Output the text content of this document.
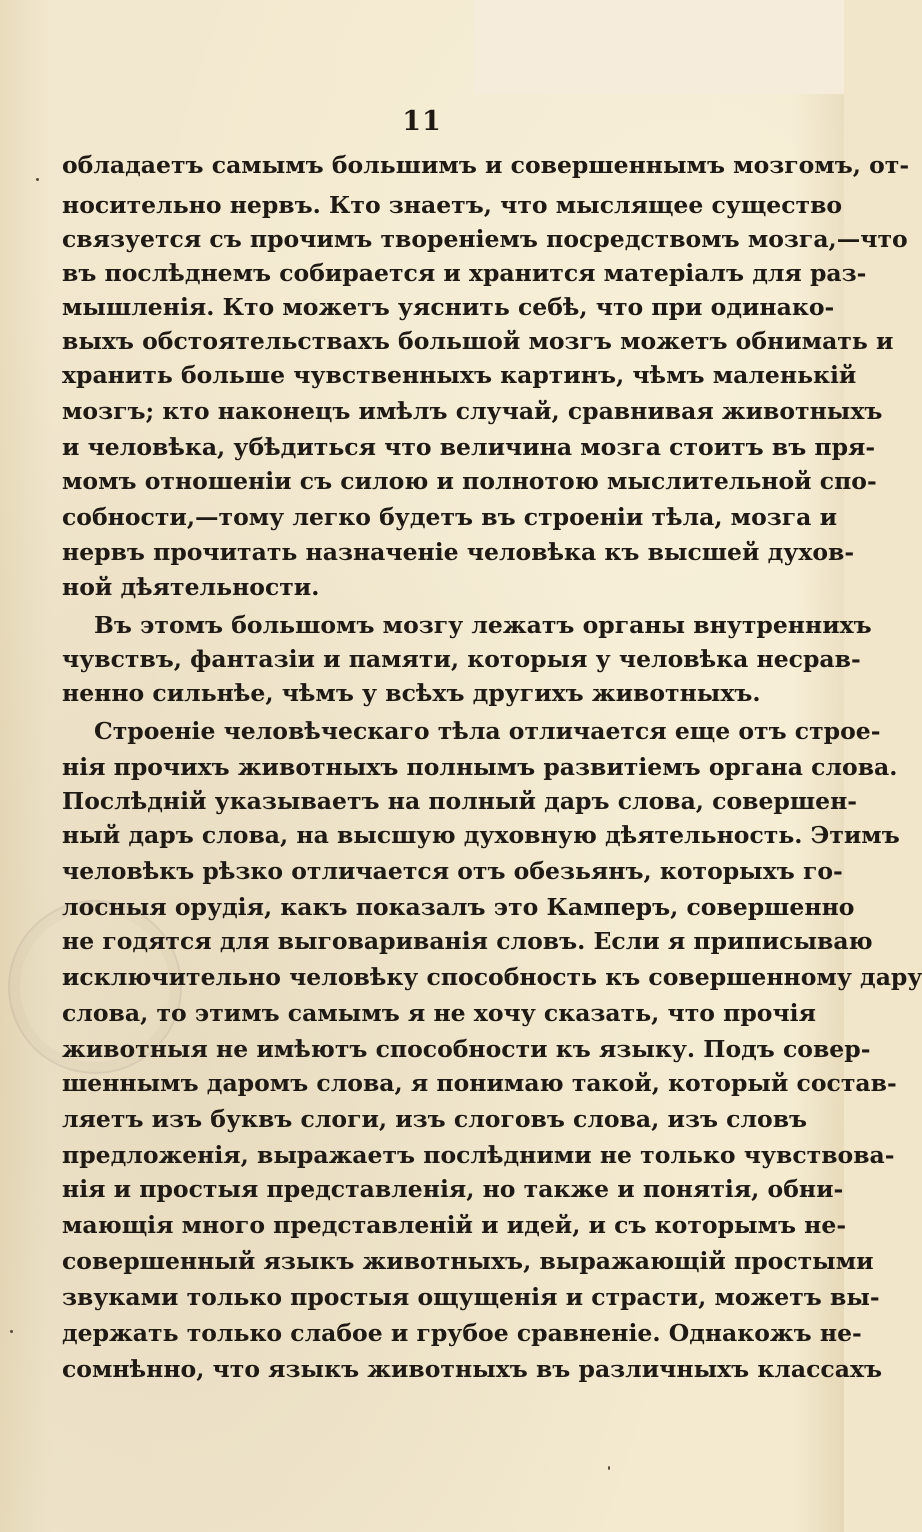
11
обладаетъ самымъ большимъ и совершеннымъ мозгомъ, от-
носительно нервъ. Кто знаетъ, что мыслящее существо
связуется съ прочимъ творенiемъ посредствомъ мозга,—что
въ послѣднемъ собирается и хранится матерiалъ для раз-
мышленiя. Кто можетъ уяснить себѣ, что при одинако-
выхъ обстоятельствахъ большой мозгъ можетъ обнимать и
хранить больше чувственныхъ картинъ, чѣмъ маленькiй
мозгъ; кто наконецъ имѣлъ случай, сравнивая животныхъ
и человѣка, убѣдиться что величина мозга стоитъ въ пря-
момъ отношенiи съ силою и полнотою мыслительной спо-
собности,—тому легко будетъ въ строенiи тѣла, мозга и
нервъ прочитать назначенiе человѣка къ высшей духов-
ной дѣятельности.
Въ этомъ большомъ мозгу лежатъ органы внутреннихъ
чувствъ, фантазiи и памяти, которыя у человѣка несрав-
ненно сильнѣе, чѣмъ у всѣхъ другихъ животныхъ.
Строенiе человѣческаго тѣла отличается еще отъ строе-
нiя прочихъ животныхъ полнымъ развитiемъ органа слова.
Послѣднiй указываетъ на полный даръ слова, совершен-
ный даръ слова, на высшую духовную дѣятельность. Этимъ
человѣкъ рѣзко отличается отъ обезьянъ, которыхъ го-
лосныя орудiя, какъ показалъ это Камперъ, совершенно
не годятся для выговариванiя словъ. Если я приписываю
исключительно человѣку способность къ совершенному дару
слова, то этимъ самымъ я не хочу сказать, что прочiя
животныя не имѣютъ способности къ языку. Подъ совер-
шеннымъ даромъ слова, я понимаю такой, который состав-
ляетъ изъ буквъ слоги, изъ слоговъ слова, изъ словъ
предложенiя, выражаетъ послѣдними не только чувствова-
нiя и простыя представленiя, но также и понятiя, обни-
мающiя много представленiй и идей, и съ которымъ не-
совершенный языкъ животныхъ, выражающiй простыми
звуками только простыя ощущенiя и страсти, можетъ вы-
держать только слабое и грубое сравненiе. Однакожъ не-
сомнѣнно, что языкъ животныхъ въ различныхъ классахъ
